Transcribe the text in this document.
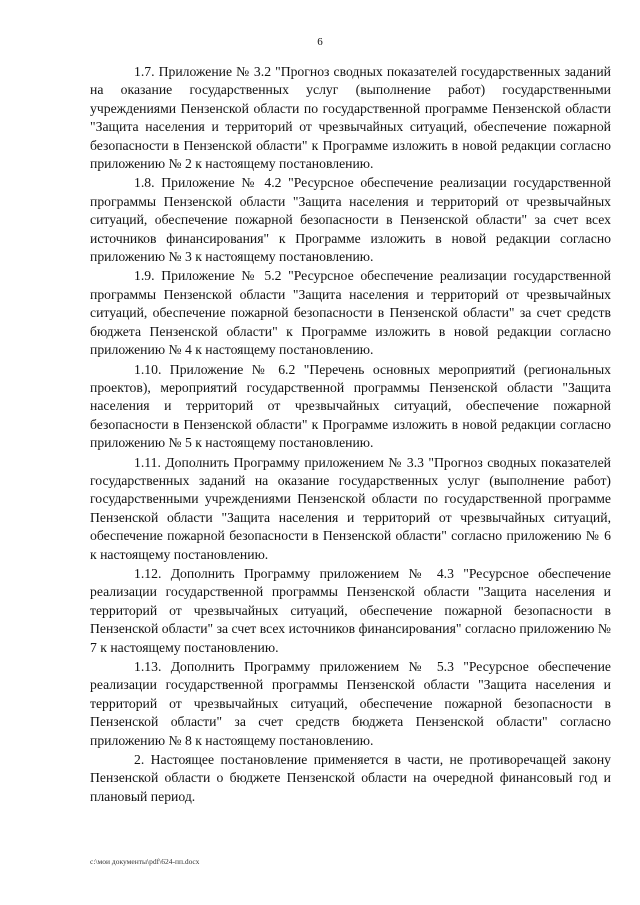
6

1.7. Приложение № 3.2 "Прогноз сводных показателей государственных заданий на оказание государственных услуг (выполнение работ) государственными учреждениями Пензенской области по государственной программе Пензенской области "Защита населения и территорий от чрезвычайных ситуаций, обеспечение пожарной безопасности в Пензенской области" к Программе изложить в новой редакции согласно приложению № 2 к настоящему постановлению.

1.8. Приложение № 4.2 "Ресурсное обеспечение реализации государственной программы Пензенской области "Защита населения и территорий от чрезвычайных ситуаций, обеспечение пожарной безопасности в Пензенской области" за счет всех источников финансирования" к Программе изложить в новой редакции согласно приложению № 3 к настоящему постановлению.

1.9. Приложение № 5.2 "Ресурсное обеспечение реализации государственной программы Пензенской области "Защита населения и территорий от чрезвычайных ситуаций, обеспечение пожарной безопасности в Пензенской области" за счет средств бюджета Пензенской области" к Программе изложить в новой редакции согласно приложению № 4 к настоящему постановлению.

1.10. Приложение № 6.2 "Перечень основных мероприятий (региональных проектов), мероприятий государственной программы Пензенской области "Защита населения и территорий от чрезвычайных ситуаций, обеспечение пожарной безопасности в Пензенской области" к Программе изложить в новой редакции согласно приложению № 5 к настоящему постановлению.

1.11. Дополнить Программу приложением № 3.3 "Прогноз сводных показателей государственных заданий на оказание государственных услуг (выполнение работ) государственными учреждениями Пензенской области по государственной программе Пензенской области "Защита населения и территорий от чрезвычайных ситуаций, обеспечение пожарной безопасности в Пензенской области" согласно приложению № 6 к настоящему постановлению.

1.12. Дополнить Программу приложением № 4.3 "Ресурсное обеспечение реализации государственной программы Пензенской области "Защита населения и территорий от чрезвычайных ситуаций, обеспечение пожарной безопасности в Пензенской области" за счет всех источников финансирования" согласно приложению № 7 к настоящему постановлению.

1.13. Дополнить Программу приложением № 5.3 "Ресурсное обеспечение реализации государственной программы Пензенской области "Защита населения и территорий от чрезвычайных ситуаций, обеспечение пожарной безопасности в Пензенской области" за счет средств бюджета Пензенской области" согласно приложению № 8 к настоящему постановлению.

2. Настоящее постановление применяется в части, не противоречащей закону Пензенской области о бюджете Пензенской области на очередной финансовый год и плановый период.

c:\мои документы\pdf\624-пп.docx
